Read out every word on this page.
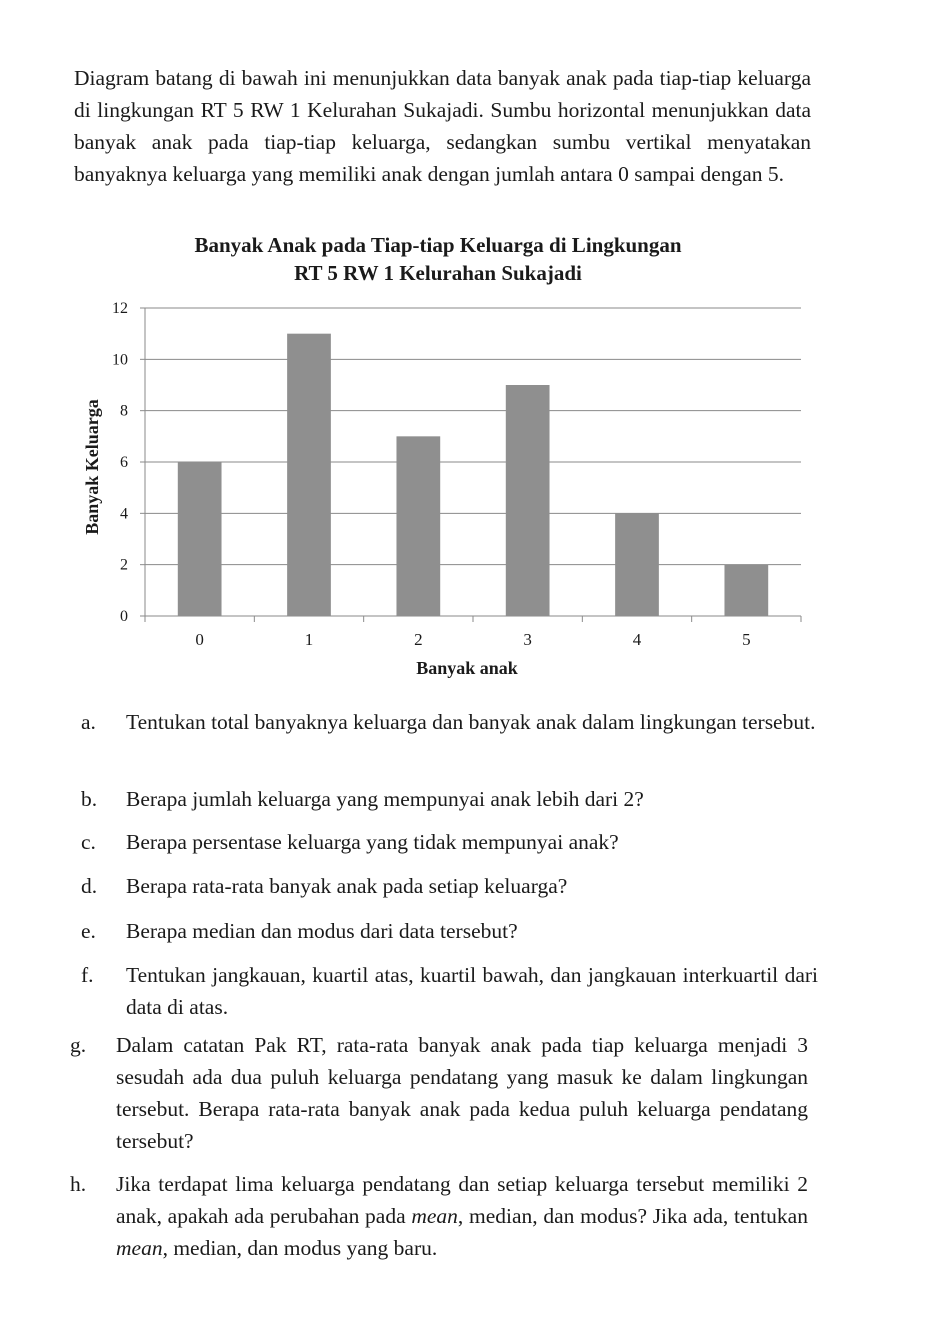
Diagram batang di bawah ini menunjukkan data banyak anak pada tiap-tiap keluarga di lingkungan RT 5 RW 1 Kelurahan Sukajadi. Sumbu horizontal menunjukkan data banyak anak pada tiap-tiap keluarga, sedangkan sumbu vertikal menyatakan banyaknya keluarga yang memiliki anak dengan jumlah antara 0 sampai dengan 5.

Banyak Anak pada Tiap-tiap Keluarga di Lingkungan
RT 5 RW 1 Kelurahan Sukajadi
0
2
4
6
8
10
12
0	1	2	3	4	5
Banyak anak
Banyak Keluarga
a. Tentukan total banyaknya keluarga dan banyak anak dalam lingkungan tersebut.
b. Berapa jumlah keluarga yang mempunyai anak lebih dari 2?
c. Berapa persentase keluarga yang tidak mempunyai anak?
d. Berapa rata-rata banyak anak pada setiap keluarga?
e. Berapa median dan modus dari data tersebut?
f. Tentukan jangkauan, kuartil atas, kuartil bawah, dan jangkauan interkuartil dari data di atas.
g. Dalam catatan Pak RT, rata-rata banyak anak pada tiap keluarga menjadi 3 sesudah ada dua puluh keluarga pendatang yang masuk ke dalam lingkungan tersebut. Berapa rata-rata banyak anak pada kedua puluh keluarga pendatang tersebut?
h. Jika terdapat lima keluarga pendatang dan setiap keluarga tersebut memiliki 2 anak, apakah ada perubahan pada mean, median, dan modus? Jika ada, tentukan mean, median, dan modus yang baru.
